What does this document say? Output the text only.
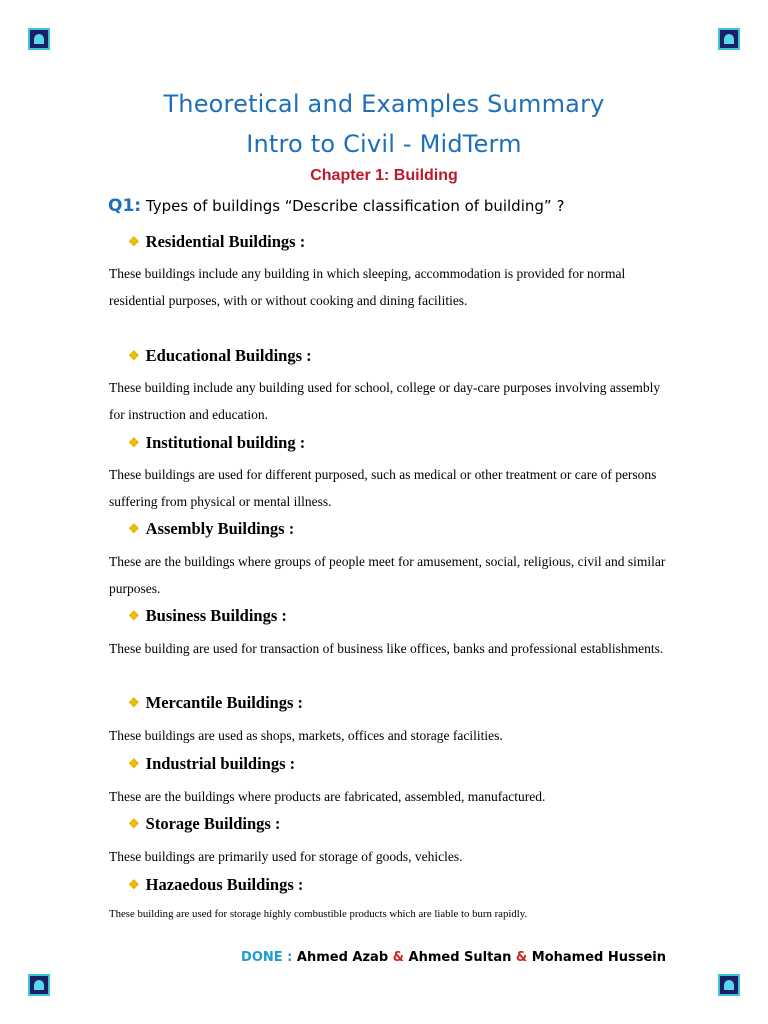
Theoretical and Examples Summary
Intro to Civil - MidTerm
Chapter 1: Building
Q1: Types of buildings “Describe classification of building” ?
❖ Residential Buildings :

These buildings include any building in which sleeping, accommodation is provided for normal residential purposes, with or without cooking and dining facilities.

❖ Educational Buildings :

These building include any building used for school, college or day-care purposes involving assembly for instruction and education.

❖ Institutional building :

These buildings are used for different purposed, such as medical or other treatment or care of persons suffering from physical or mental illness.

❖ Assembly Buildings :

These are the buildings where groups of people meet for amusement, social, religious, civil and similar purposes.

❖ Business Buildings :

These building are used for transaction of business like offices, banks and professional establishments.

❖ Mercantile Buildings :

These buildings are used as shops, markets, offices and storage facilities.

❖ Industrial buildings :

These are the buildings where products are fabricated, assembled, manufactured.

❖ Storage Buildings :

These buildings are primarily used for storage of goods, vehicles.

❖ Hazaedous Buildings :

These building are used for storage highly combustible products which are liable to burn rapidly.

DONE : Ahmed Azab & Ahmed Sultan & Mohamed Hussein
